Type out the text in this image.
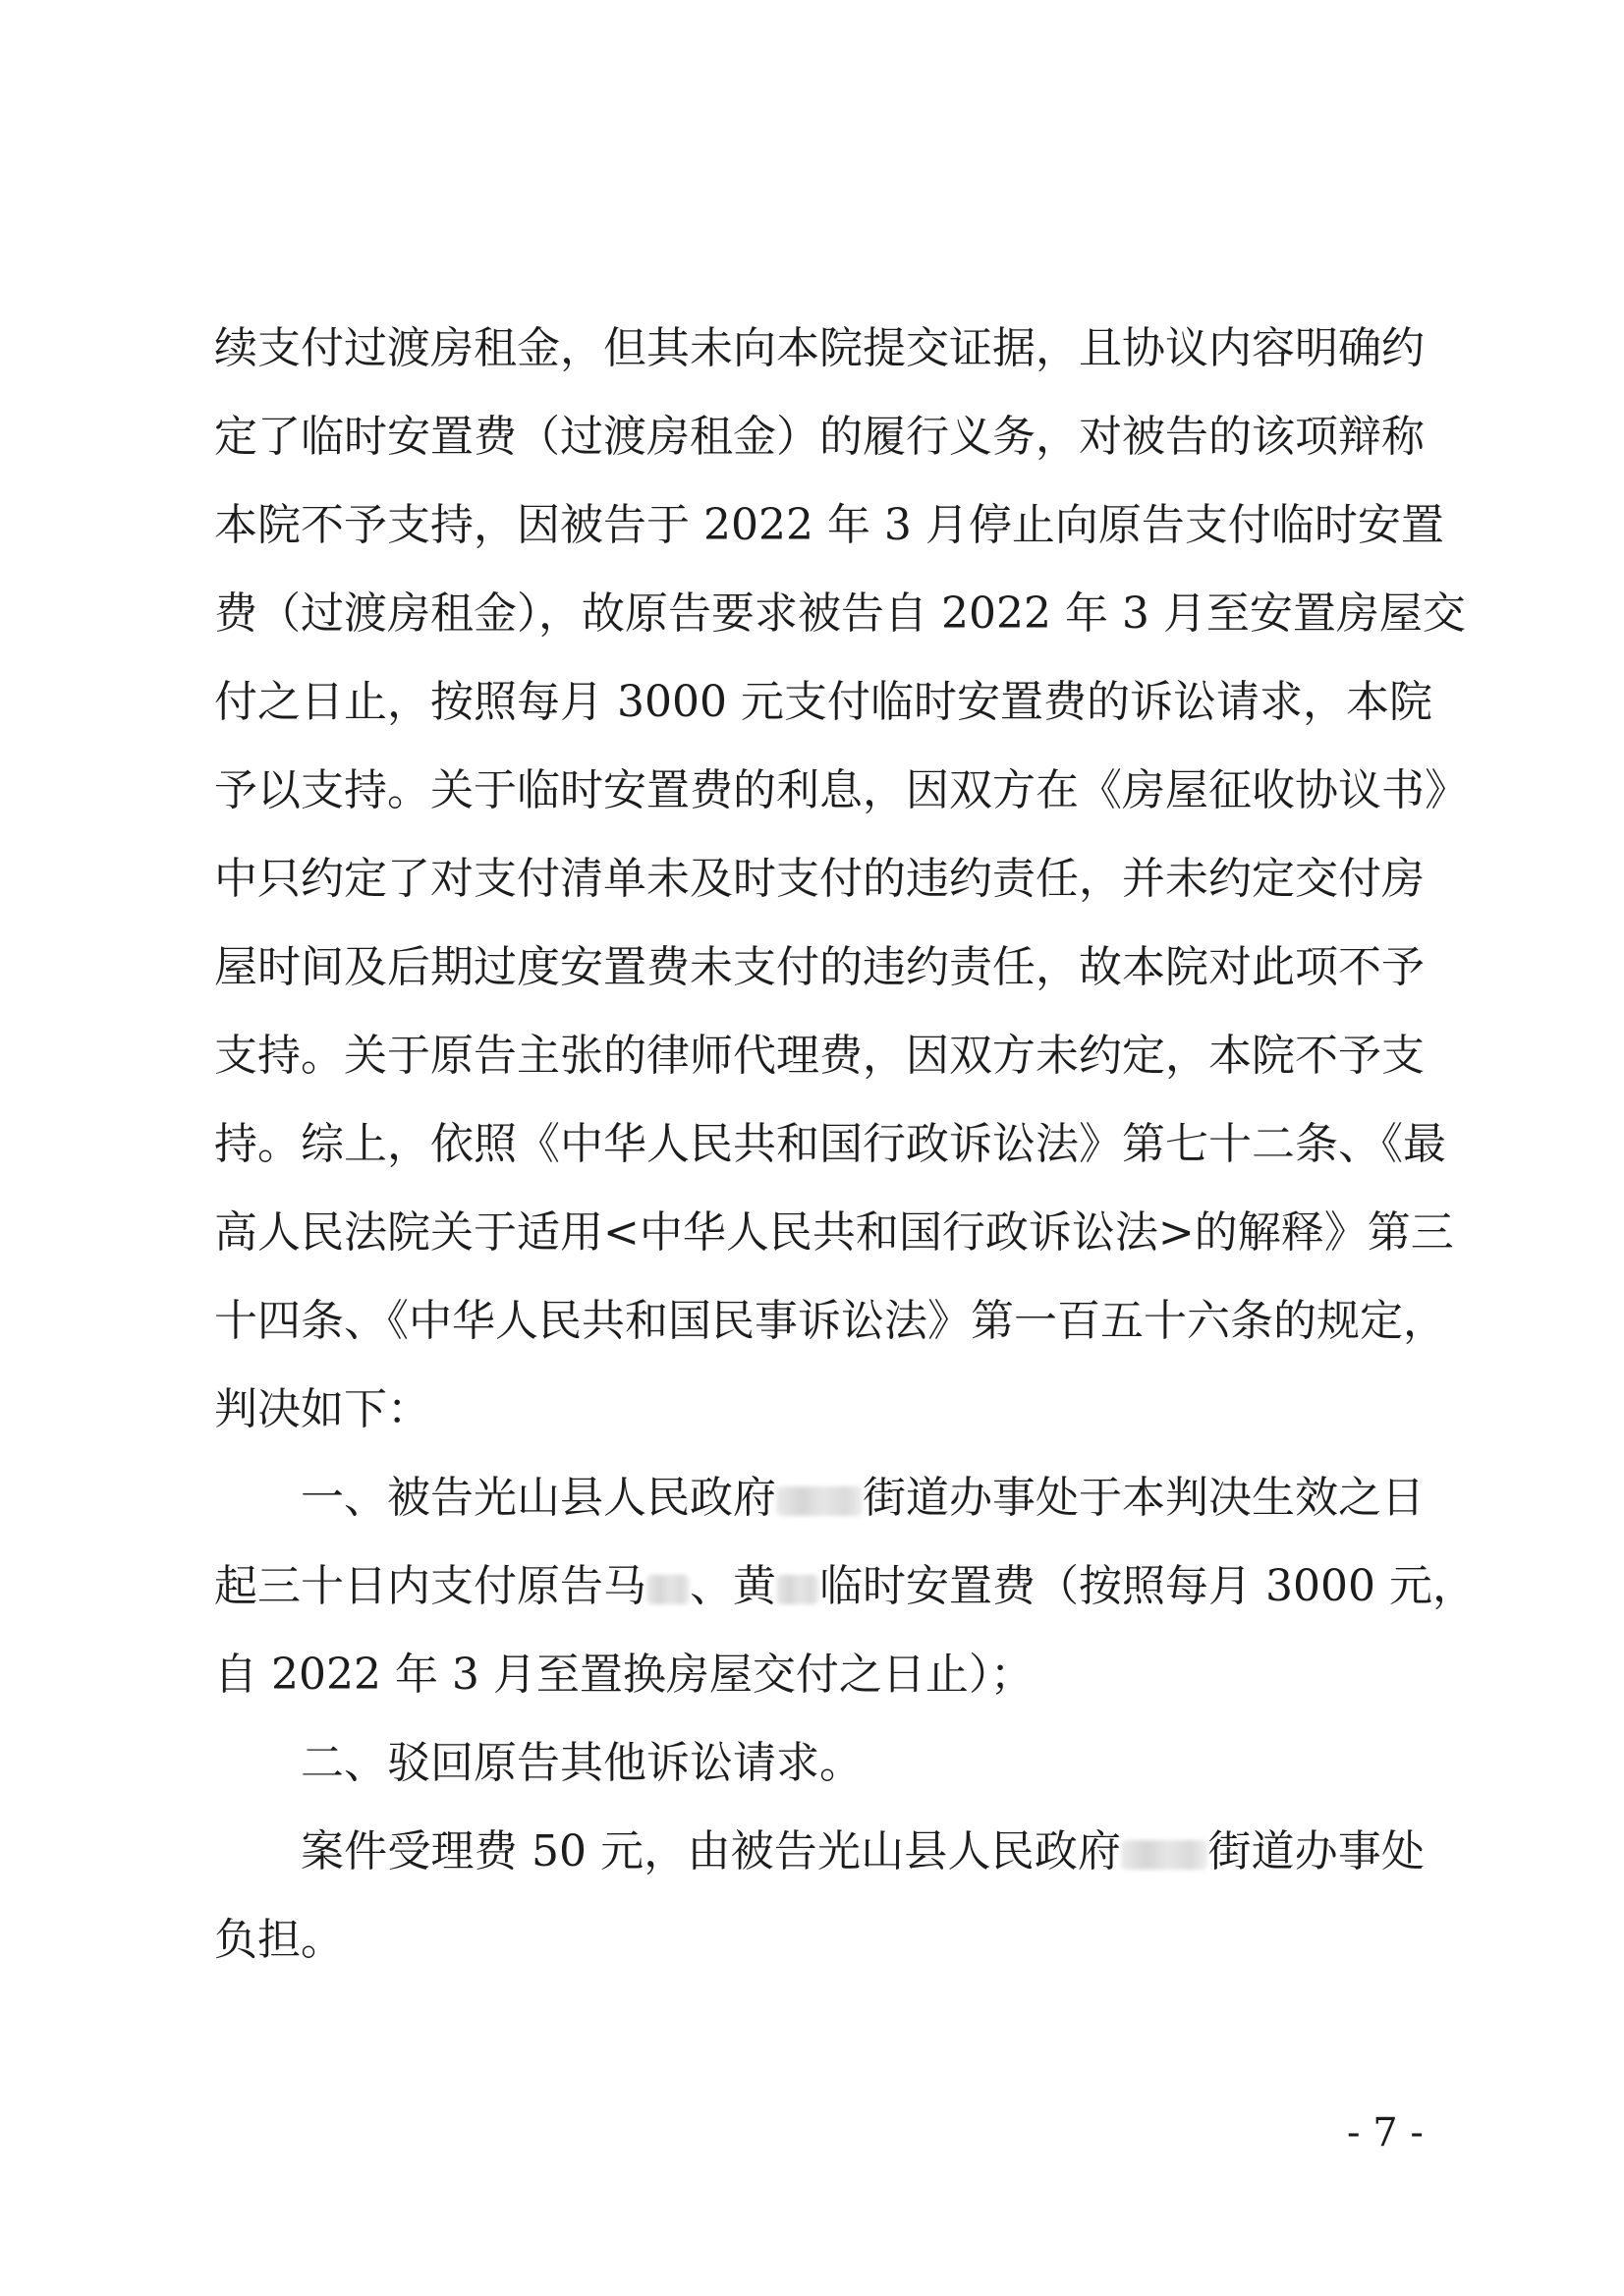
续支付过渡房租金，但其未向本院提交证据，且协议内容明确约
定了临时安置费（过渡房租金）的履行义务，对被告的该项辩称
本院不予支持，因被告于 2022 年 3 月停止向原告支付临时安置
费（过渡房租金），故原告要求被告自 2022 年 3 月至安置房屋交
付之日止，按照每月 3000 元支付临时安置费的诉讼请求，本院
予以支持。关于临时安置费的利息，因双方在《房屋征收协议书》
中只约定了对支付清单未及时支付的违约责任，并未约定交付房
屋时间及后期过度安置费未支付的违约责任，故本院对此项不予
支持。关于原告主张的律师代理费，因双方未约定，本院不予支
持。综上，依照《中华人民共和国行政诉讼法》第七十二条、《最
高人民法院关于适用<中华人民共和国行政诉讼法>的解释》第三
十四条、《中华人民共和国民事诉讼法》第一百五十六条的规定，
判决如下：
一、被告光山县人民政府 街道办事处于本判决生效之日
起三十日内支付原告马 、黄 临时安置费（按照每月 3000 元，
自 2022 年 3 月至置换房屋交付之日止）；
二、驳回原告其他诉讼请求。
案件受理费 50 元，由被告光山县人民政府 街道办事处
负担。
- 7 -
